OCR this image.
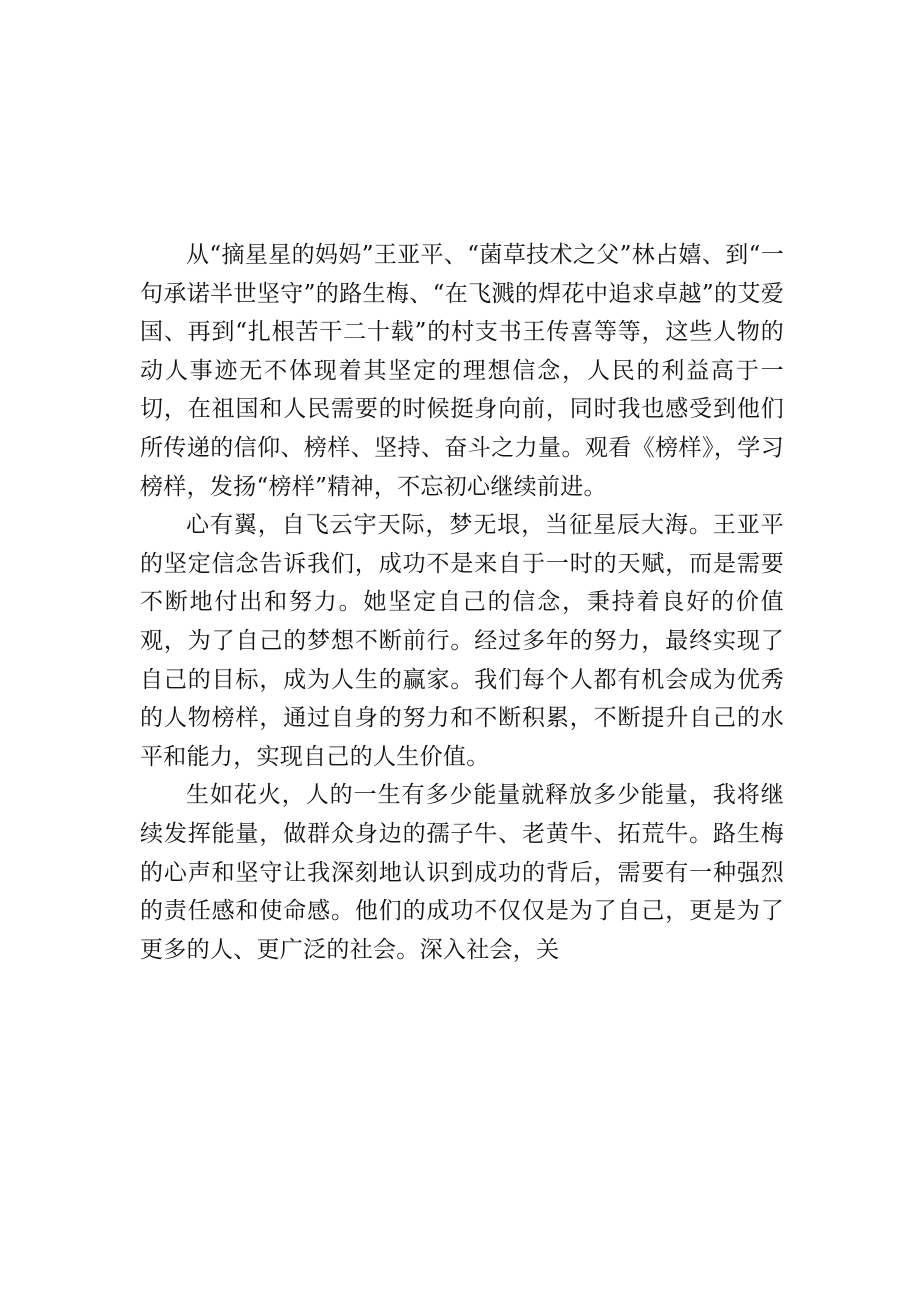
从“摘星星的妈妈”王亚平、“菌草技术之父”林占嬉、到“一句承诺半世坚守”的路生梅、“在飞溅的焊花中追求卓越”的艾爱国、再到“扎根苦干二十载”的村支书王传喜等等，这些人物的动人事迹无不体现着其坚定的理想信念，人民的利益高于一切，在祖国和人民需要的时候挺身向前，同时我也感受到他们所传递的信仰、榜样、坚持、奋斗之力量。观看《榜样》，学习榜样，发扬“榜样”精神，不忘初心继续前进。

心有翼，自飞云宇天际，梦无垠，当征星辰大海。王亚平的坚定信念告诉我们，成功不是来自于一时的天赋，而是需要不断地付出和努力。她坚定自己的信念，秉持着良好的价值观，为了自己的梦想不断前行。经过多年的努力，最终实现了自己的目标，成为人生的赢家。我们每个人都有机会成为优秀的人物榜样，通过自身的努力和不断积累，不断提升自己的水平和能力，实现自己的人生价值。

生如花火，人的一生有多少能量就释放多少能量，我将继续发挥能量，做群众身边的孺子牛、老黄牛、拓荒牛。路生梅的心声和坚守让我深刻地认识到成功的背后，需要有一种强烈的责任感和使命感。他们的成功不仅仅是为了自己，更是为了更多的人、更广泛的社会。深入社会，关
